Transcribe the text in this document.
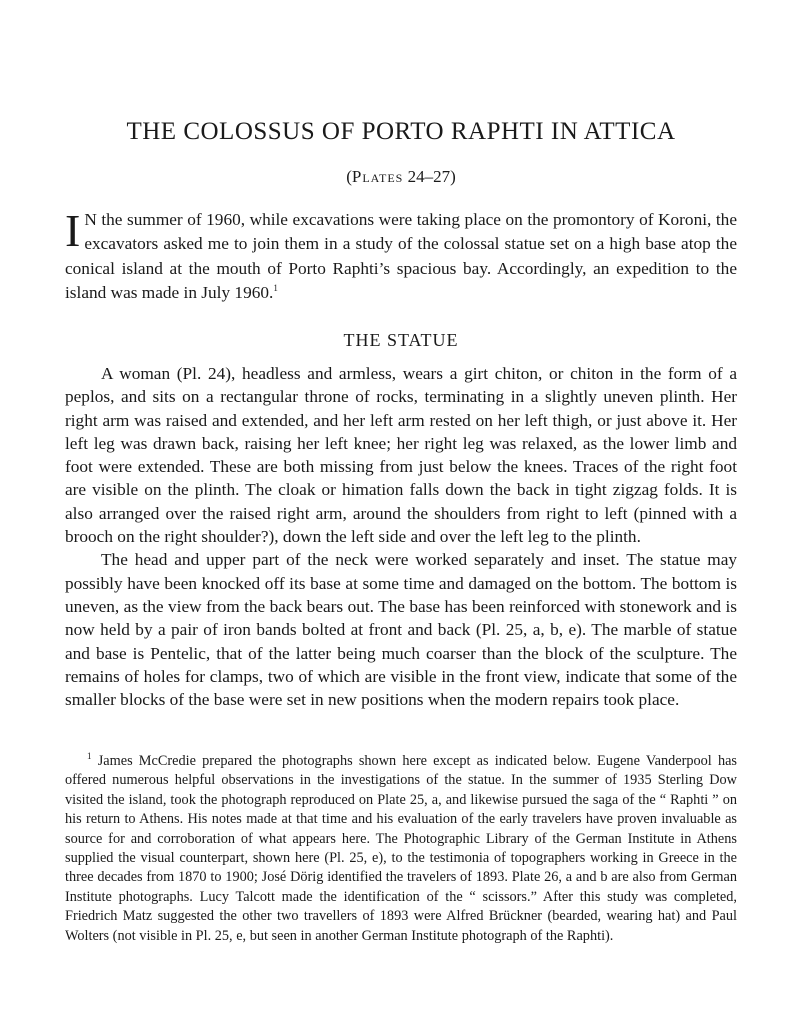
THE COLOSSUS OF PORTO RAPHTI IN ATTICA
(Plates 24–27)

I N the summer of 1960, while excavations were taking place on the promontory of Koroni, the excavators asked me to join them in a study of the colossal statue set on a high base atop the conical island at the mouth of Porto Raphti’s spacious bay. Accordingly, an expedition to the island was made in July 1960.$^1$

THE STATUE

A woman (Pl. 24), headless and armless, wears a girt chiton, or chiton in the form of a peplos, and sits on a rectangular throne of rocks, terminating in a slightly uneven plinth. Her right arm was raised and extended, and her left arm rested on her left thigh, or just above it. Her left leg was drawn back, raising her left knee; her right leg was relaxed, as the lower limb and foot were extended. These are both missing from just below the knees. Traces of the right foot are visible on the plinth. The cloak or himation falls down the back in tight zigzag folds. It is also arranged over the raised right arm, around the shoulders from right to left (pinned with a brooch on the right shoulder?), down the left side and over the left leg to the plinth.

The head and upper part of the neck were worked separately and inset. The statue may possibly have been knocked off its base at some time and damaged on the bottom. The bottom is uneven, as the view from the back bears out. The base has been reinforced with stonework and is now held by a pair of iron bands bolted at front and back (Pl. 25, a, b, e). The marble of statue and base is Pentelic, that of the latter being much coarser than the block of the sculpture. The remains of holes for clamps, two of which are visible in the front view, indicate that some of the smaller blocks of the base were set in new positions when the modern repairs took place.

$^1$ James McCredie prepared the photographs shown here except as indicated below. Eugene Vanderpool has offered numerous helpful observations in the investigations of the statue. In the summer of 1935 Sterling Dow visited the island, took the photograph reproduced on Plate 25, a, and likewise pursued the saga of the “ Raphti ” on his return to Athens. His notes made at that time and his evaluation of the early travelers have proven invaluable as source for and corroboration of what appears here. The Photographic Library of the German Institute in Athens supplied the visual counterpart, shown here (Pl. 25, e), to the testimonia of topographers working in Greece in the three decades from 1870 to 1900; José Dörig identified the travelers of 1893. Plate 26, a and b are also from German Institute photographs. Lucy Talcott made the identification of the “ scissors.” After this study was completed, Friedrich Matz suggested the other two travellers of 1893 were Alfred Brückner (bearded, wearing hat) and Paul Wolters (not visible in Pl. 25, e, but seen in another German Institute photograph of the Raphti).
